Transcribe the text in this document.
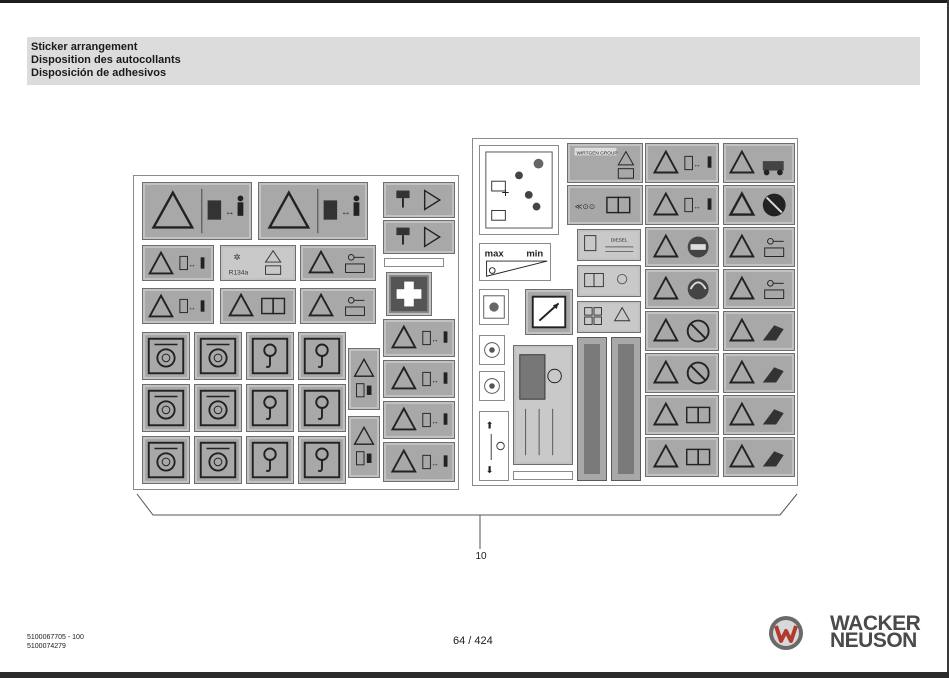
Sticker arrangement
Disposition des autocollants
Disposición de adhesivos
10
↔	↔
↔
✲
R134a
↔
↔
↔
↔
↔
+
max min
⬆
⬇
WIRTGEN GROUP
≪⊙⊙
DIESEL
↔
↔
5100067705 - 100
5100074279	64 / 424
WACKER
NEUSON
